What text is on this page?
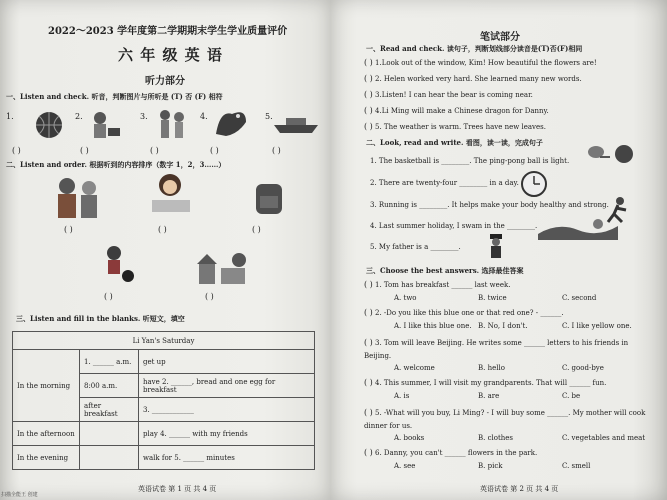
2022～2023 学年度第二学期期末学生学业质量评价
六 年 级 英 语
听力部分
一、Listen and check. 听音，判断图片与所听是 (T) 否 (F) 相符
1.	2.	3.	4.	5.
( )	( )	( )	( )	( )
二、Listen and order. 根据听到的内容排序（数字 1，2，3……）
( )	( )	( )
( )	( )
三、Listen and fill in the blanks. 听短文，填空
Li Yan's Saturday		
In the morning	1. ______ a.m.	get up
	8:00 a.m.	have 2. ______, bread and one egg for breakfast
	after breakfast	3. ____________
In the afternoon		play 4. ______ with my friends
In the evening		walk for 5. ______ minutes
英语试卷 第 1 页 共 4 页
扫描全能王 创建
笔试部分
一、Read and check. 读句子，判断划线部分读音是(T)否(F)相同
( ) 1.Look out of the window, Kim! How beautiful the flowers are!
( ) 2. Helen worked very hard. She learned many new words.
( ) 3.Listen! I can hear the bear is coming near.
( ) 4.Li Ming will make a Chinese dragon for Danny.
( ) 5. The weather is warm. Trees have new leaves.
二、Look, read and write. 看图，读一读，完成句子
1. The basketball is ________. The ping-pong ball is light.
2. There are twenty-four ________ in a day.
3. Running is ________. It helps make your body healthy and strong.
4. Last summer holiday, I swam in the ________.
5. My father is a ________.
三、Choose the best answers. 选择最佳答案
( ) 1. Tom has breakfast ______ last week.
A. two	B. twice	C. second
( ) 2. -Do you like this blue one or that red one? - ______.
A. I like this blue one. B. No, I don't.	C. I like yellow one.
( ) 3. Tom will leave Beijing. He writes some ______ letters to his friends in Beijing.
A. welcome	B. hello	C. good-bye
( ) 4. This summer, I will visit my grandparents. That will ______ fun.
A. is	B. are	C. be
( ) 5. -What will you buy, Li Ming? - I will buy some ______. My mother will cook dinner for us.
A. books	B. clothes	C. vegetables and meat
( ) 6. Danny, you can't ______ flowers in the park.
A. see	B. pick	C. smell
英语试卷 第 2 页 共 4 页
